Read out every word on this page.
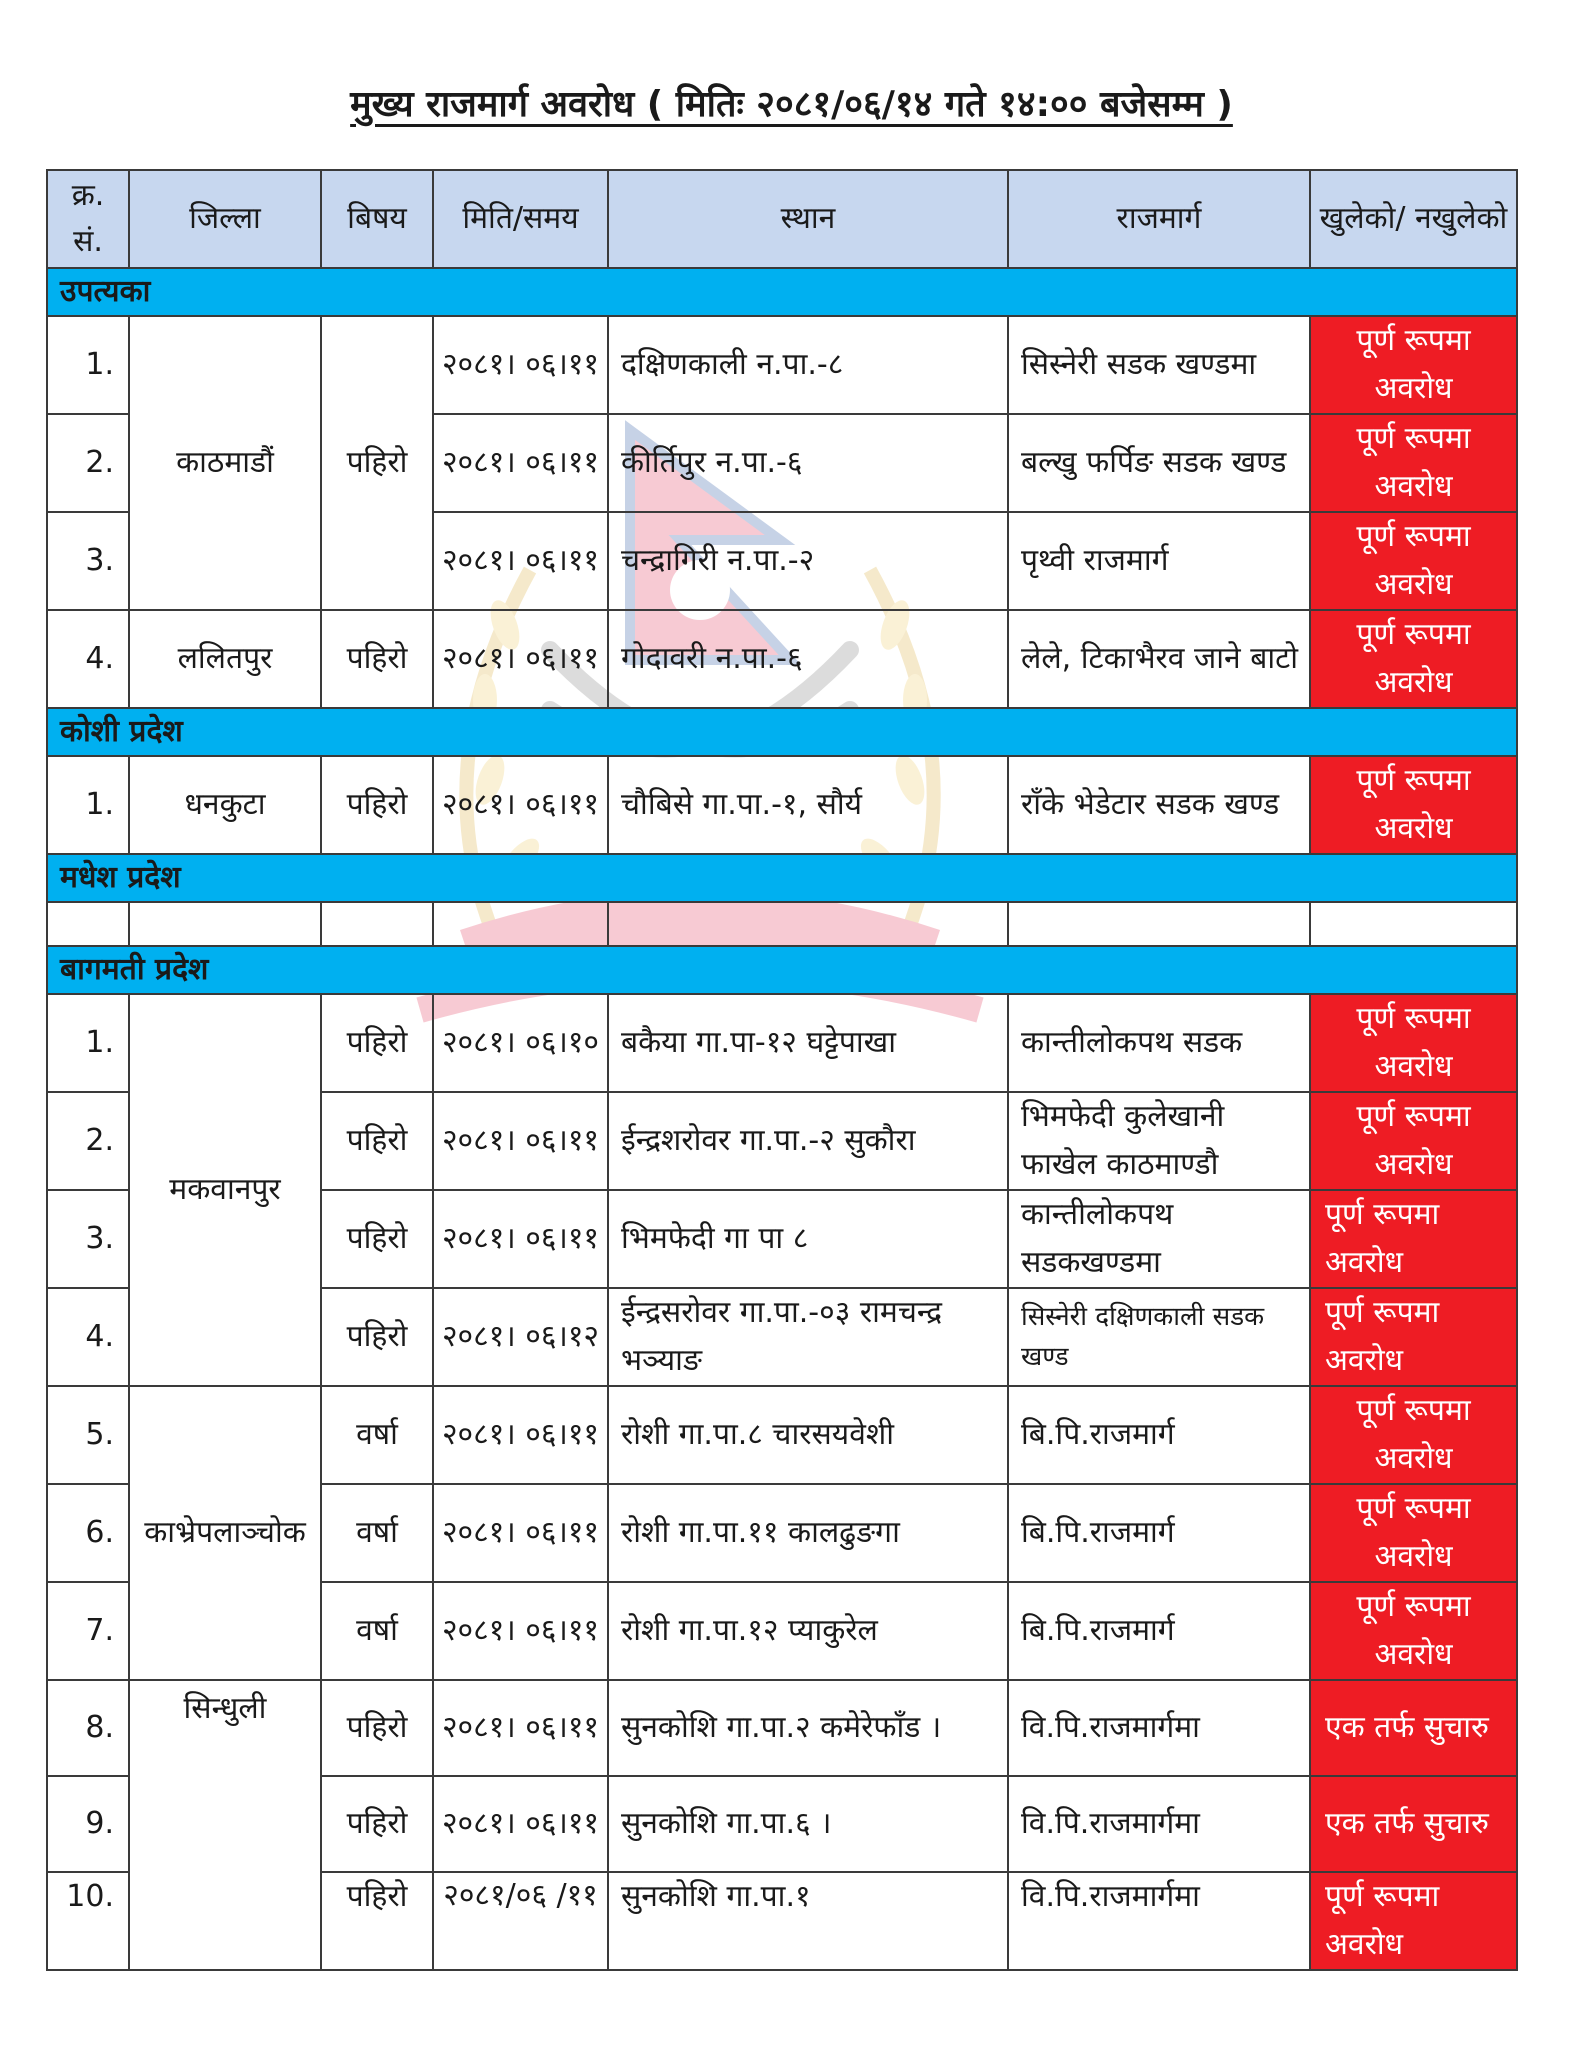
मुख्य राजमार्ग अवरोध ( मितिः २०८१/०६/१४ गते १४:०० बजेसम्म )
क्र. सं.	जिल्ला	बिषय	मिति/समय	स्थान	राजमार्ग	खुलेको/ नखुलेको
उपत्यका						
1.	काठमाडौं	पहिरो	२०८१। ०६।११	दक्षिणकाली न.पा.-८	सिस्नेरी सडक खण्डमा	पूर्ण रूपमा अवरोध
2.			२०८१। ०६।११	कीर्तिपुर न.पा.-६	बल्खु फर्पिङ सडक खण्ड	पूर्ण रूपमा अवरोध
3.			२०८१। ०६।११	चन्द्रागिरी न.पा.-२	पृथ्वी राजमार्ग	पूर्ण रूपमा अवरोध
4.	ललितपुर	पहिरो	२०८१। ०६।११	गोदावरी न.पा.-६	लेले, टिकाभैरव जाने बाटो	पूर्ण रूपमा अवरोध
कोशी प्रदेश						
1.	धनकुटा	पहिरो	२०८१। ०६।११	चौबिसे गा.पा.-१, सौर्य	राँके भेडेटार सडक खण्ड	पूर्ण रूपमा अवरोध
मधेश प्रदेश						

बागमती प्रदेश						
1.	मकवानपुर	पहिरो	२०८१। ०६।१०	बकैया गा.पा-१२ घट्टेपाखा	कान्तीलोकपथ सडक	पूर्ण रूपमा अवरोध
2.		पहिरो	२०८१। ०६।११	ईन्द्रशरोवर गा.पा.-२ सुकौरा	भिमफेदी कुलेखानी फाखेल काठमाण्डौ	पूर्ण रूपमा अवरोध
3.		पहिरो	२०८१। ०६।११	भिमफेदी गा पा ८	कान्तीलोकपथ सडकखण्डमा	पूर्ण रूपमा अवरोध
4.		पहिरो	२०८१। ०६।१२	ईन्द्रसरोवर गा.पा.-०३ रामचन्द्र भञ्याङ	सिस्नेरी दक्षिणकाली सडक खण्ड	पूर्ण रूपमा अवरोध
5.	काभ्रेपलाञ्चोक	वर्षा	२०८१। ०६।११	रोशी गा.पा.८ चारसयवेशी	बि.पि.राजमार्ग	पूर्ण रूपमा अवरोध
6.		वर्षा	२०८१। ०६।११	रोशी गा.पा.११ कालढुङगा	बि.पि.राजमार्ग	पूर्ण रूपमा अवरोध
7.		वर्षा	२०८१। ०६।११	रोशी गा.पा.१२ प्याकुरेल	बि.पि.राजमार्ग	पूर्ण रूपमा अवरोध
8.	सिन्धुली	पहिरो	२०८१। ०६।११	सुनकोशि गा.पा.२ कमेरेफाँड ।	वि.पि.राजमार्गमा	एक तर्फ सुचारु
9.		पहिरो	२०८१। ०६।११	सुनकोशि गा.पा.६ ।	वि.पि.राजमार्गमा	एक तर्फ सुचारु
10.		पहिरो	२०८१/०६ /११	सुनकोशि गा.पा.१	वि.पि.राजमार्गमा	पूर्ण रूपमा अवरोध
